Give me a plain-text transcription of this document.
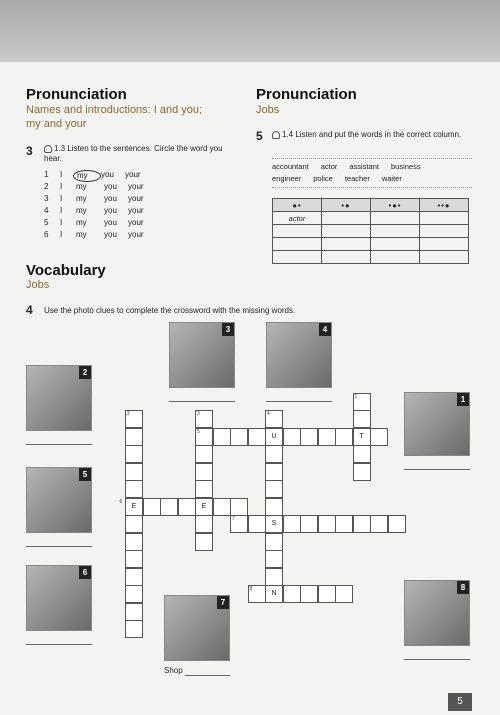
Pronunciation
Names and introductions: I and you;
my and your
3	1.3 Listen to the sentences. Circle the word you hear.
1	I	my	you	your
2	I	my	you	your
3	I	my	you	your
4	I	my	you	your
5	I	my	you	your
6	I	my	you	your
Vocabulary
Jobs
4 Use the photo clues to complete the crossword with the missing words.
Pronunciation
Jobs
5	1.4 Listen and put the words in the correct column.
accountant actor assistant business
engineer police teacher waiter
●•	•●	•●•	••●
actor			

2
3	4
1
5
6
7
8
Shop
E	E
U
S
N
T
2	3	4
1
5
6
7
8
5
